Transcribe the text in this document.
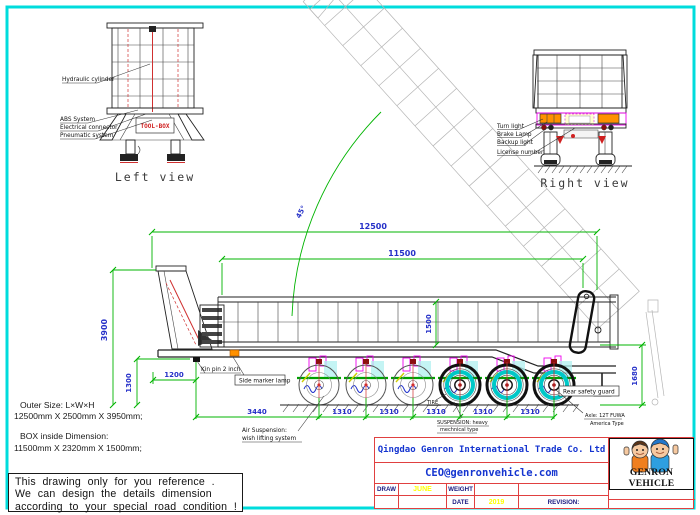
TOOL-BOX
Hydraulic cylinder
ABS System
Electrical connector
Pneumatic system
Left view
Turn light
Brake Lamp
Backup light
License number
Right view
12500
11500
45°
3900
1300	1200
1500
1680
3440	1310	1310	1310	1310	1310
Kin pin 2 inch
Side marker lamp
TIRE
Air Suspension:
wish lifting system
SUSPENSION: heavy
mechnical type
Rear safety guard
Axle: 12T FUWA
America Type
Outer Size: L×W×H
12500mm X 2500mm X 3950mm;
BOX inside Dimension:
11500mm X 2320mm X 1500mm;
This drawing only for you reference .
We can design the details dimension
according to your special road condition !
Qingdao Genron International Trade Co. Ltd
CEO@genronvehicle.com
DRAW	JUNE	WEIGHT
DATE	2019	REVISION:
GENRON VEHICLE
